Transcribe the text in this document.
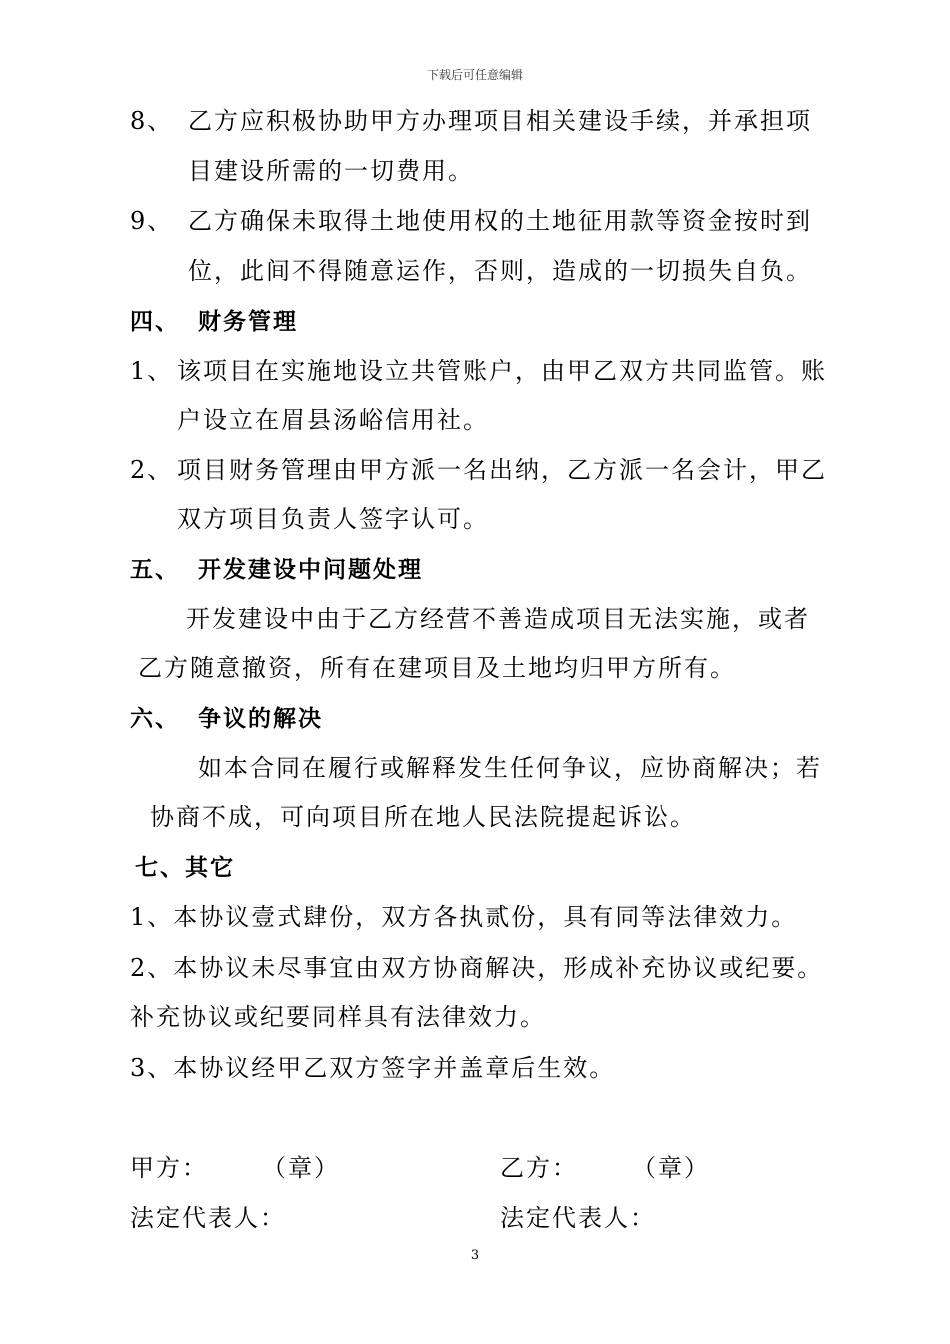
下载后可任意编辑
8、 乙方应积极协助甲方办理项目相关建设手续，并承担项
目建设所需的一切费用。
9、 乙方确保未取得土地使用权的土地征用款等资金按时到
位，此间不得随意运作，否则，造成的一切损失自负。
四、 财务管理
1、 该项目在实施地设立共管账户，由甲乙双方共同监管。账
户设立在眉县汤峪信用社。
2、 项目财务管理由甲方派一名出纳，乙方派一名会计，甲乙
双方项目负责人签字认可。
五、 开发建设中问题处理
开发建设中由于乙方经营不善造成项目无法实施，或者
乙方随意撤资，所有在建项目及土地均归甲方所有。
六、 争议的解决
如本合同在履行或解释发生任何争议，应协商解决；若
协商不成，可向项目所在地人民法院提起诉讼。
七、其它
1、本协议壹式肆份，双方各执贰份，具有同等法律效力。
2、本协议未尽事宜由双方协商解决，形成补充协议或纪要。
补充协议或纪要同样具有法律效力。
3、本协议经甲乙双方签字并盖章后生效。
甲方： （章）	乙方： （章）
法定代表人：	法定代表人：
3
